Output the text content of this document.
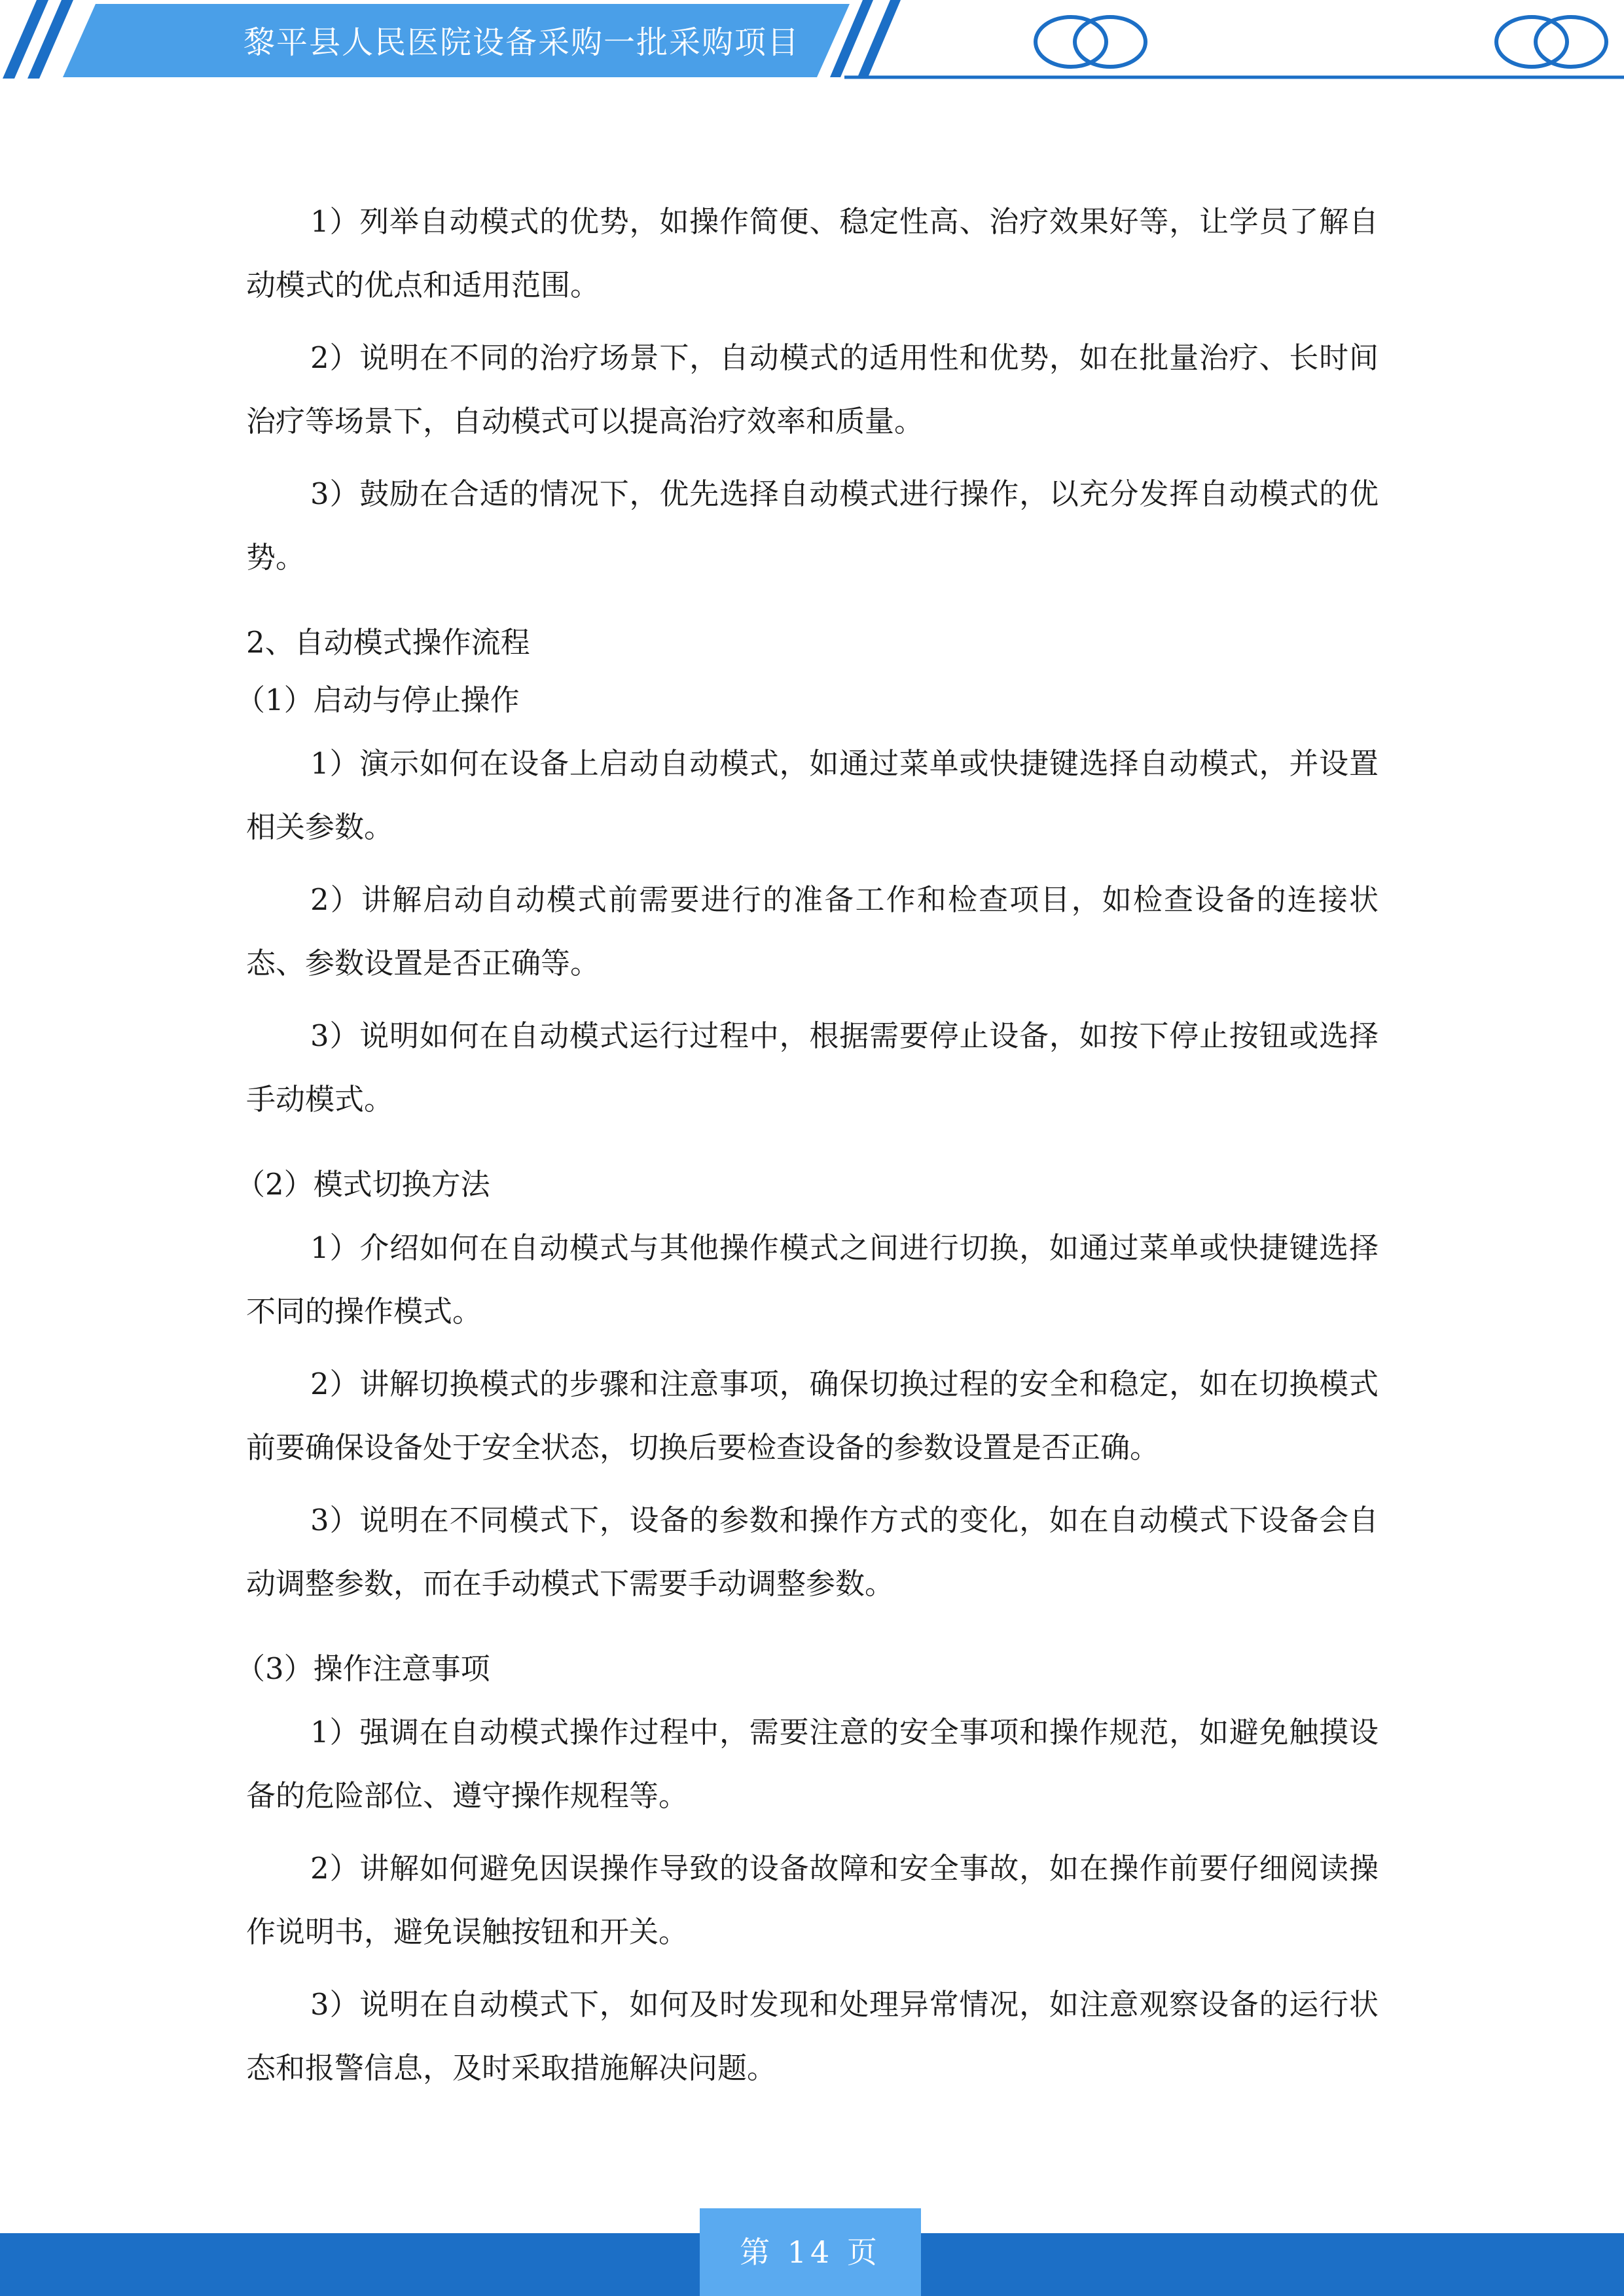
黎平县人民医院设备采购一批采购项目

1）列举自动模式的优势，如操作简便、稳定性高、治疗效果好等，让学员了解自动模式的优点和适用范围。

2）说明在不同的治疗场景下，自动模式的适用性和优势，如在批量治疗、长时间治疗等场景下，自动模式可以提高治疗效率和质量。

3）鼓励在合适的情况下，优先选择自动模式进行操作，以充分发挥自动模式的优势。

2、自动模式操作流程

（1）启动与停止操作

1）演示如何在设备上启动自动模式，如通过菜单或快捷键选择自动模式，并设置相关参数。

2）讲解启动自动模式前需要进行的准备工作和检查项目，如检查设备的连接状态、参数设置是否正确等。

3）说明如何在自动模式运行过程中，根据需要停止设备，如按下停止按钮或选择手动模式。

（2）模式切换方法

1）介绍如何在自动模式与其他操作模式之间进行切换，如通过菜单或快捷键选择不同的操作模式。

2）讲解切换模式的步骤和注意事项，确保切换过程的安全和稳定，如在切换模式前要确保设备处于安全状态，切换后要检查设备的参数设置是否正确。

3）说明在不同模式下，设备的参数和操作方式的变化，如在自动模式下设备会自动调整参数，而在手动模式下需要手动调整参数。

（3）操作注意事项

1）强调在自动模式操作过程中，需要注意的安全事项和操作规范，如避免触摸设备的危险部位、遵守操作规程等。

2）讲解如何避免因误操作导致的设备故障和安全事故，如在操作前要仔细阅读操作说明书，避免误触按钮和开关。

3）说明在自动模式下，如何及时发现和处理异常情况，如注意观察设备的运行状态和报警信息，及时采取措施解决问题。

第 14 页
